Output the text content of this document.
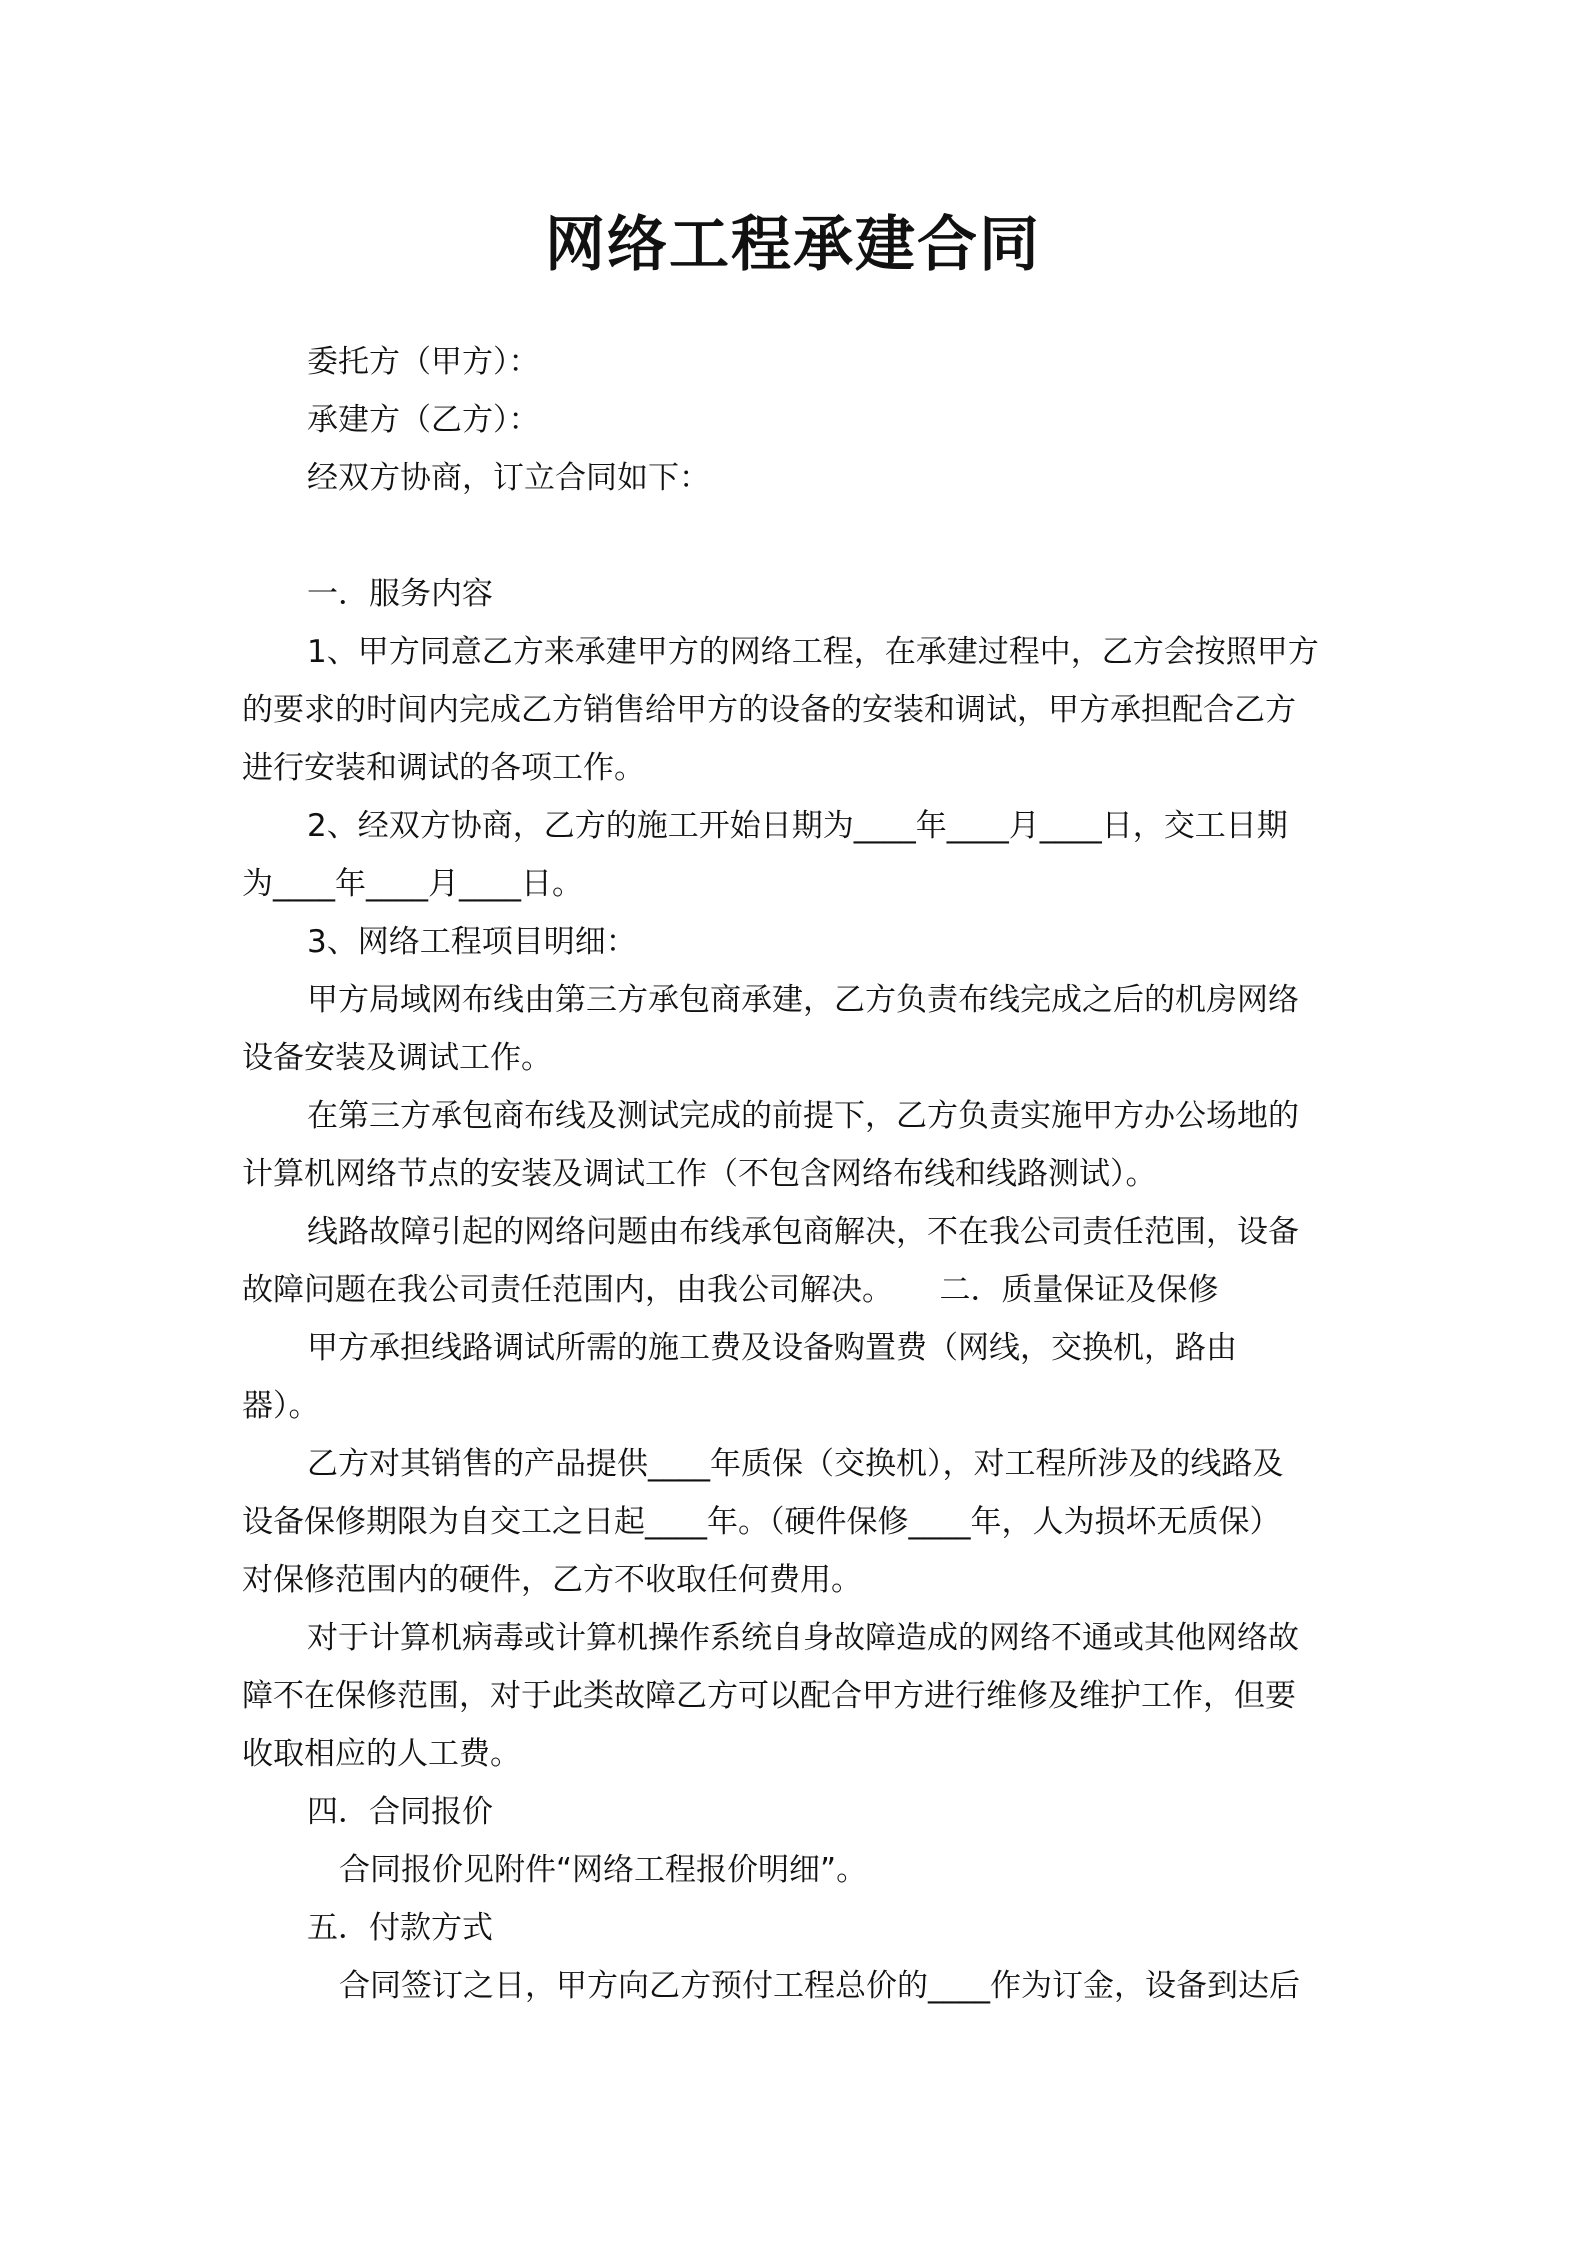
网络工程承建合同

委托方（甲方）：

承建方（乙方）：

经双方协商，订立合同如下：

一．服务内容

1、甲方同意乙方来承建甲方的网络工程，在承建过程中，乙方会按照甲方

的要求的时间内完成乙方销售给甲方的设备的安装和调试，甲方承担配合乙方

进行安装和调试的各项工作。

2、经双方协商，乙方的施工开始日期为____年____月____日，交工日期

为____年____月____日。

3、网络工程项目明细：

甲方局域网布线由第三方承包商承建，乙方负责布线完成之后的机房网络

设备安装及调试工作。

在第三方承包商布线及测试完成的前提下，乙方负责实施甲方办公场地的

计算机网络节点的安装及调试工作（不包含网络布线和线路测试）。

线路故障引起的网络问题由布线承包商解决，不在我公司责任范围，设备

故障问题在我公司责任范围内，由我公司解决。　　二．质量保证及保修

甲方承担线路调试所需的施工费及设备购置费（网线，交换机，路由

器）。

乙方对其销售的产品提供____年质保（交换机），对工程所涉及的线路及

设备保修期限为自交工之日起____年。（硬件保修____年，人为损坏无质保）

对保修范围内的硬件，乙方不收取任何费用。

对于计算机病毒或计算机操作系统自身故障造成的网络不通或其他网络故

障不在保修范围，对于此类故障乙方可以配合甲方进行维修及维护工作，但要

收取相应的人工费。

四．合同报价

合同报价见附件“网络工程报价明细”。

五．付款方式

合同签订之日，甲方向乙方预付工程总价的____作为订金，设备到达后
